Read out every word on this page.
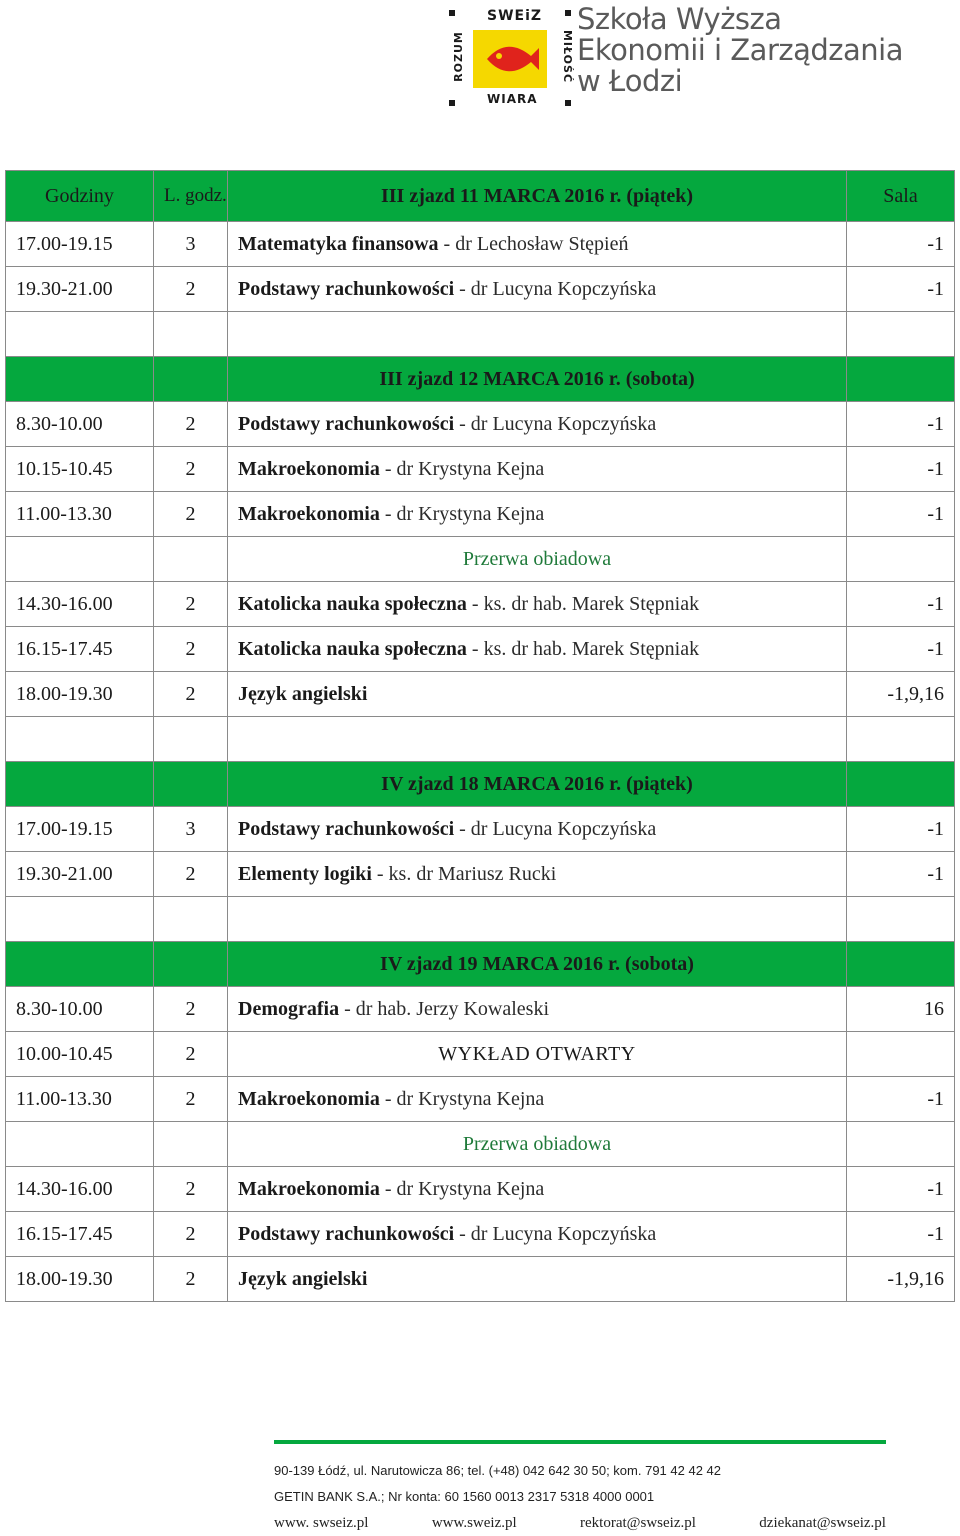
SWEiZ
ROZUM	MIŁOŚĆ
WIARA
Szkoła Wyższa
Ekonomii i Zarządzania
w Łodzi
Godziny	L. godz.	III zjazd 11 MARCA 2016 r. (piątek)	Sala
17.00-19.15	3	Matematyka finansowa - dr Lechosław Stępień	-1
19.30-21.00	2	Podstawy rachunkowości - dr Lucyna Kopczyńska	-1

		III zjazd 12 MARCA 2016 r. (sobota)	
8.30-10.00	2	Podstawy rachunkowości - dr Lucyna Kopczyńska	-1
10.15-10.45	2	Makroekonomia - dr Krystyna Kejna	-1
11.00-13.30	2	Makroekonomia - dr Krystyna Kejna	-1
		Przerwa obiadowa	
14.30-16.00	2	Katolicka nauka społeczna - ks. dr hab. Marek Stępniak	-1
16.15-17.45	2	Katolicka nauka społeczna - ks. dr hab. Marek Stępniak	-1
18.00-19.30	2	Język angielski	-1,9,16

		IV zjazd 18 MARCA 2016 r. (piątek)	
17.00-19.15	3	Podstawy rachunkowości - dr Lucyna Kopczyńska	-1
19.30-21.00	2	Elementy logiki - ks. dr Mariusz Rucki	-1

		IV zjazd 19 MARCA 2016 r. (sobota)	
8.30-10.00	2	Demografia - dr hab. Jerzy Kowaleski	16
10.00-10.45	2	WYKŁAD OTWARTY	
11.00-13.30	2	Makroekonomia - dr Krystyna Kejna	-1
		Przerwa obiadowa	
14.30-16.00	2	Makroekonomia - dr Krystyna Kejna	-1
16.15-17.45	2	Podstawy rachunkowości - dr Lucyna Kopczyńska	-1
18.00-19.30	2	Język angielski	-1,9,16
90-139 Łódź, ul. Narutowicza 86; tel. (+48) 042 642 30 50; kom. 791 42 42 42
GETIN BANK S.A.; Nr konta: 60 1560 0013 2317 5318 4000 0001
www. swseiz.pl	www.sweiz.pl	rektorat@swseiz.pl	dziekanat@swseiz.pl
